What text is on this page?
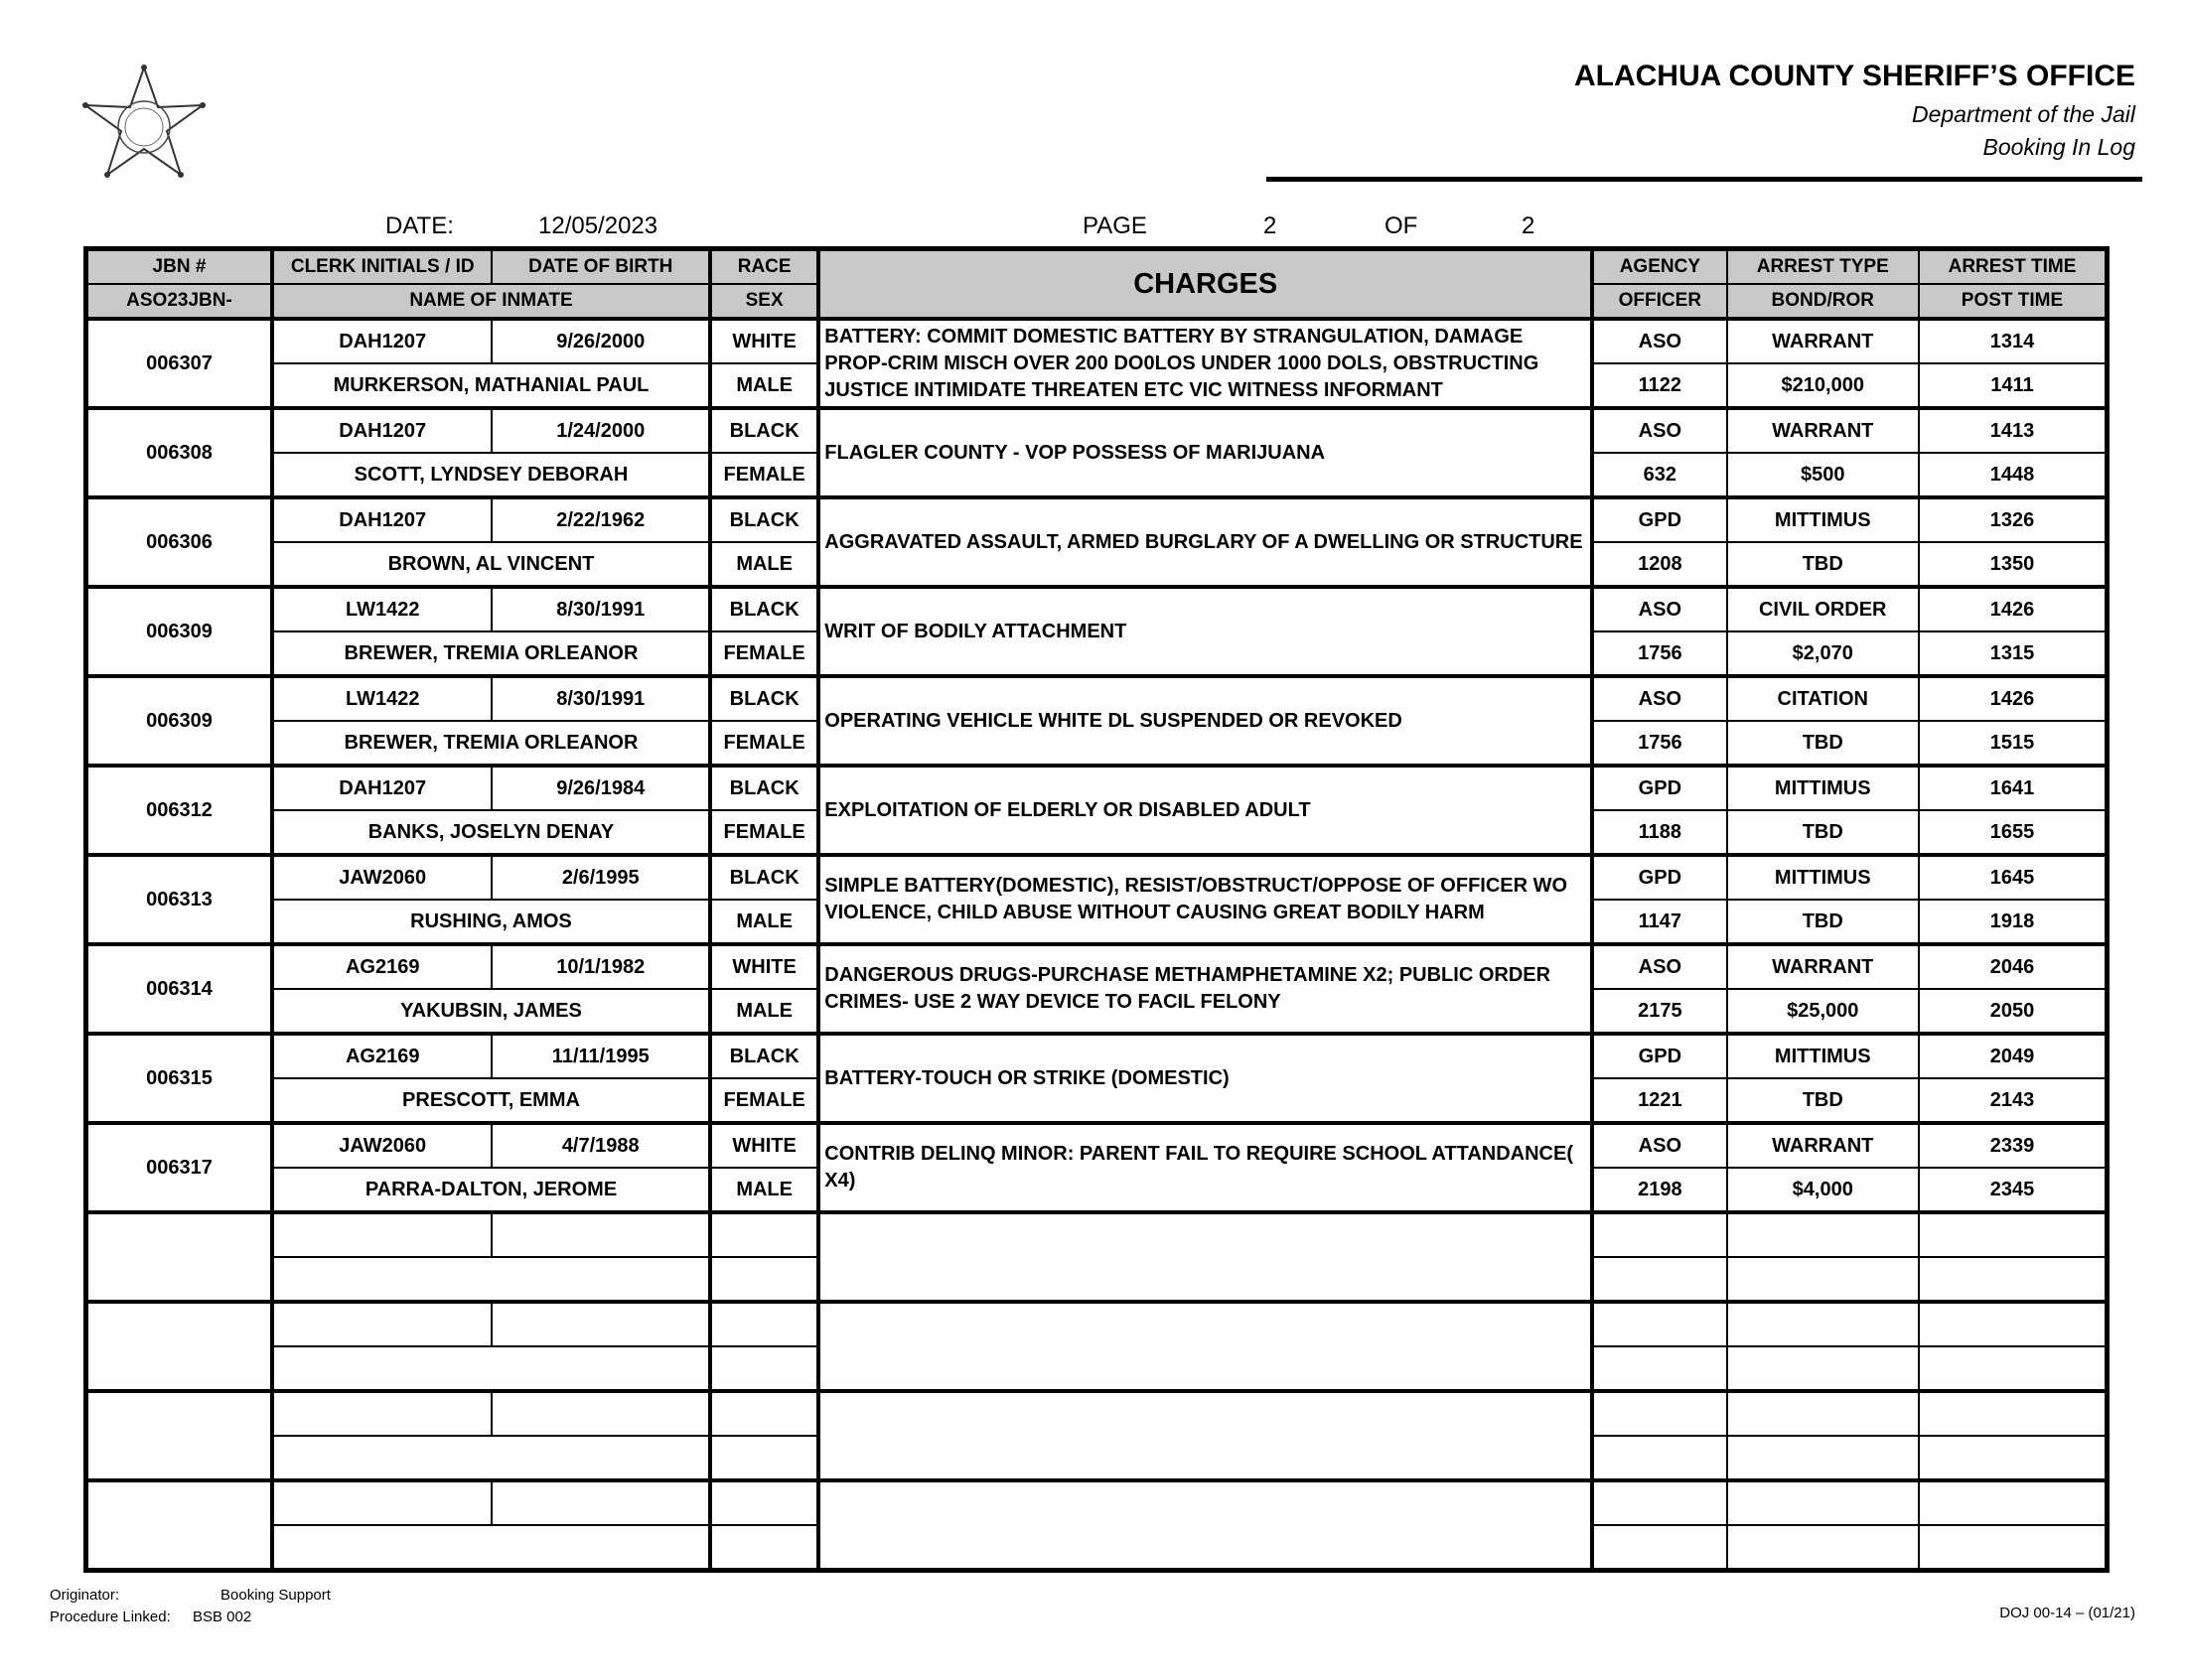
ALACHUA COUNTY SHERIFF’S OFFICE
Department of the Jail
Booking In Log
DATE:	12/05/2023	PAGE	2	OF	2
JBN #	CLERK INITIALS / ID	DATE OF BIRTH	RACE	CHARGES	AGENCY	ARREST TYPE	ARREST TIME
ASO23JBN-	NAME OF INMATE		SEX		OFFICER	BOND/ROR	POST TIME
006307	DAH1207	9/26/2000	WHITE	BATTERY: COMMIT DOMESTIC BATTERY BY STRANGULATION, DAMAGE PROP-CRIM MISCH OVER 200 DO0LOS UNDER 1000 DOLS, OBSTRUCTING JUSTICE INTIMIDATE THREATEN ETC VIC WITNESS INFORMANT	ASO	WARRANT	1314
	MURKERSON, MATHANIAL PAUL		MALE		1122	$210,000	1411
006308	DAH1207	1/24/2000	BLACK	FLAGLER COUNTY - VOP POSSESS OF MARIJUANA	ASO	WARRANT	1413
	SCOTT, LYNDSEY DEBORAH		FEMALE		632	$500	1448
006306	DAH1207	2/22/1962	BLACK	AGGRAVATED ASSAULT, ARMED BURGLARY OF A DWELLING OR STRUCTURE	GPD	MITTIMUS	1326
	BROWN, AL VINCENT		MALE		1208	TBD	1350
006309	LW1422	8/30/1991	BLACK	WRIT OF BODILY ATTACHMENT	ASO	CIVIL ORDER	1426
	BREWER, TREMIA ORLEANOR		FEMALE		1756	$2,070	1315
006309	LW1422	8/30/1991	BLACK	OPERATING VEHICLE WHITE DL SUSPENDED OR REVOKED	ASO	CITATION	1426
	BREWER, TREMIA ORLEANOR		FEMALE		1756	TBD	1515
006312	DAH1207	9/26/1984	BLACK	EXPLOITATION OF ELDERLY OR DISABLED ADULT	GPD	MITTIMUS	1641
	BANKS, JOSELYN DENAY		FEMALE		1188	TBD	1655
006313	JAW2060	2/6/1995	BLACK	SIMPLE BATTERY(DOMESTIC), RESIST/OBSTRUCT/OPPOSE OF OFFICER WO VIOLENCE, CHILD ABUSE WITHOUT CAUSING GREAT BODILY HARM	GPD	MITTIMUS	1645
	RUSHING, AMOS		MALE		1147	TBD	1918
006314	AG2169	10/1/1982	WHITE	DANGEROUS DRUGS-PURCHASE METHAMPHETAMINE X2; PUBLIC ORDER CRIMES- USE 2 WAY DEVICE TO FACIL FELONY	ASO	WARRANT	2046
	YAKUBSIN, JAMES		MALE		2175	$25,000	2050
006315	AG2169	11/11/1995	BLACK	BATTERY-TOUCH OR STRIKE (DOMESTIC)	GPD	MITTIMUS	2049
	PRESCOTT, EMMA		FEMALE		1221	TBD	2143
006317	JAW2060	4/7/1988	WHITE	CONTRIB DELINQ MINOR: PARENT FAIL TO REQUIRE SCHOOL ATTANDANCE( X4)	ASO	WARRANT	2339
	PARRA-DALTON, JEROME		MALE		2198	$4,000	2345

Originator:	Booking Support
Procedure Linked: BSB 002	DOJ 00-14 – (01/21)
